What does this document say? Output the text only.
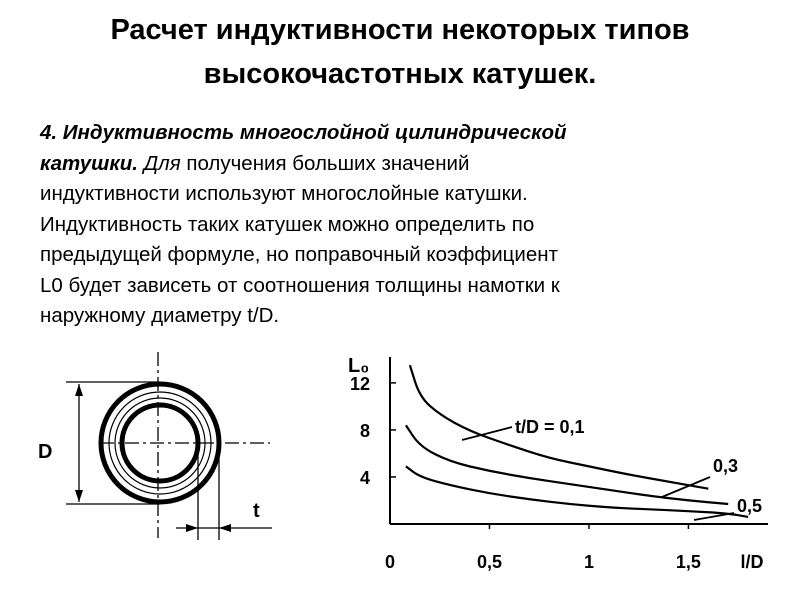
Расчет индуктивности некоторых типов
высокочастотных катушек.
4. Индуктивность многослойной цилиндрической
катушки. Для получения больших значений
индуктивности используют многослойные катушки.
Индуктивность таких катушек можно определить по
предыдущей формуле, но поправочный коэффициент
L0 будет зависеть от соотношения толщины намотки к
наружному диаметру t/D.
D
t
0	0,5	1	1,5
4
8
12
L₀
l/D
t/D = 0,1
0,3
0,5
